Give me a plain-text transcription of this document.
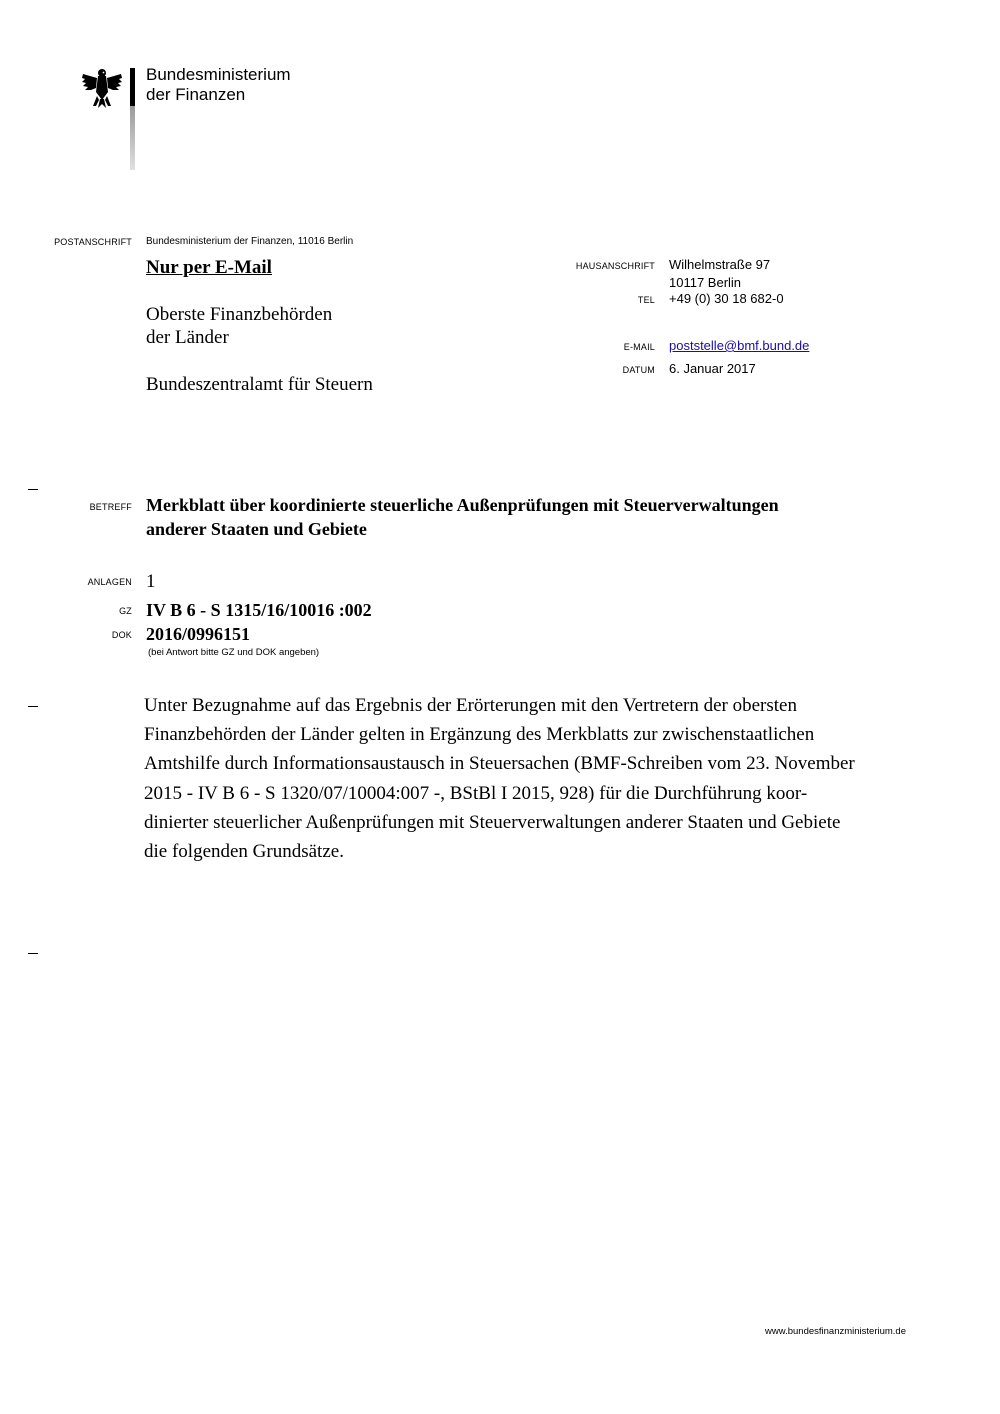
Bundesministerium
der Finanzen
POSTANSCHRIFT Bundesministerium der Finanzen, 11016 Berlin
Nur per E-Mail
Oberste Finanzbehörden
der Länder
Bundeszentralamt für Steuern
HAUSANSCHRIFT Wilhelmstraße 97
10117 Berlin
TEL +49 (0) 30 18 682-0
E-MAIL poststelle@bmf.bund.de
DATUM 6. Januar 2017
BETREFF Merkblatt über koordinierte steuerliche Außenprüfungen mit Steuerverwaltungen
anderer Staaten und Gebiete
ANLAGEN 1
GZ IV B 6 - S 1315/16/10016 :002
DOK 2016/0996151
(bei Antwort bitte GZ und DOK angeben)
Unter Bezugnahme auf das Ergebnis der Erörterungen mit den Vertretern der obersten
Finanzbehörden der Länder gelten in Ergänzung des Merkblatts zur zwischenstaatlichen
Amtshilfe durch Informationsaustausch in Steuersachen (BMF-Schreiben vom 23. November
2015 - IV B 6 - S 1320/07/10004:007 -, BStBl I 2015, 928) für die Durchführung koor-
dinierter steuerlicher Außenprüfungen mit Steuerverwaltungen anderer Staaten und Gebiete
die folgenden Grundsätze.
www.bundesfinanzministerium.de
